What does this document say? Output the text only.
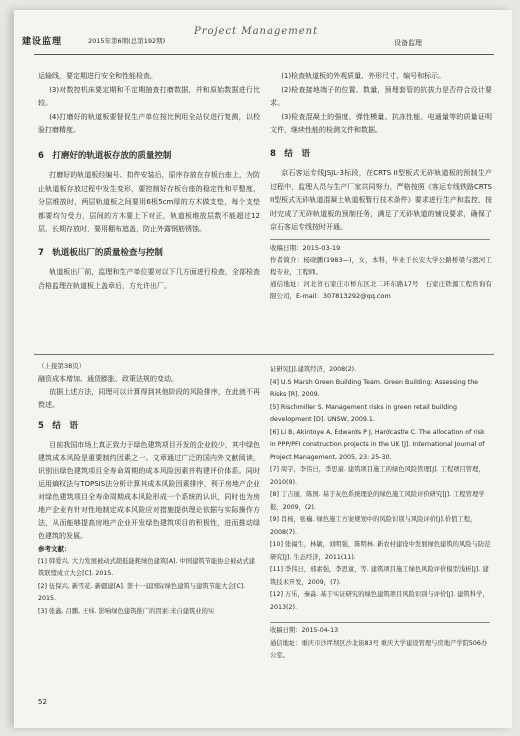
建设监理	2015年第6期(总第192期)
Project Management
设备监理

运输线，要定期进行安全和性能检查。

(3)对数控机床要定期和不定期抽查打磨数据，并和原始数据进行比较。

(4)打磨好的轨道板要督促生产单位按比例用全站仪进行复测，以校验打磨精度。

6　打磨好的轨道板存放的质量控制

打磨好的轨道板经编号、扣件安装后，原序存放在存板台座上，为防止轨道板存放过程中发生变形，要控制好存板台座的稳定性和平整度，分层堆放时，两层轨道板之间要用6根5cm厚的方木做支垫，每个支垫都要均匀受力，层间的方木要上下对正，轨道板堆放层数不能超过12层，长期存放时，要用棚布遮盖，防止外露钢筋锈蚀。

7　轨道板出厂的质量检查与控制

轨道板出厂前，监理和生产单位要对以下几方面进行检查，全部检查合格监理在轨道板上盖章后，方允许出厂。

(1)检查轨道板的外观质量、外形尺寸、编号和标示。

(2)检查接地端子的位置、数量，预埋套管的抗拔力是否符合设计要求。

(3)检查混凝土的强度、弹性模量、抗冻性能、电通量等的质量证明文件，继续性能的检测文件和数据。

8　结　语

京石客运专线JSJL-3标段，在CRTS II型板式无砟轨道板的预制生产过程中，监理人员与生产厂家共同努力，严格按照《客运专线铁路CRTS II型板式无砟轨道混凝土轨道板暂行技术条件》要求进行生产和监控，按时完成了无砟轨道板的预制任务，满足了无砟轨道的铺设要求，确保了京石客运专线按时开通。

收稿日期：2015-03-19

作者简介：杨晓鹏(1983—)，女，本科，毕业于长安大学公路桥梁与渡河工程专业，工程师。

通信地址：河北省石家庄市桥东区北二环东路17号　石家庄铁源工程咨询有限公司，E-mail：307813292@qq.com

（上接第38页）

融资成本增加、通货膨胀、政策法规的变动。

依据上述方法，同理可以计算得到其他阶段的风险排序，在此就不再赘述。

5　结　语

目前我国市场上真正致力于绿色建筑项目开发的企业较少，其中绿色建筑成本风险是重要制约因素之一。文章通过广泛的国内外文献阅读，识别出绿色建筑项目全寿命周期的成本风险因素并构建评价体系。同时运用熵权法与TOPSIS法分析计算其成本风险因素排序，利于房地产企业对绿色建筑项目全寿命周期成本风险形成一个系统的认识，同时也为房地产企业有针对性地制定成本风险应对措施提供理论依据与实际操作方法，从而能够提高房地产企业开发绿色建筑项目的积极性，进而推动绿色建筑的发展。

参考文献：
[1] 韩爱兴. 大力发展被动式超低能耗绿色建筑[A]. 中国建筑节能协会被动式建筑联盟成立大会[C]. 2015.
[2] 伍保兴, 新雪花. 新疆建[A]. 第十一届国际绿色建筑与建筑节能大会[C]. 2015.
[3] 张鑫, 吕鹏, 王炜. 影响绿色建筑推广的因素:来自建筑业的实
证研究[J].建筑经济，2008(2).
[4] U.S Marsh Green Building Team. Green Building: Assessing the Risks [R]. 2009.
[5] Rischmiller S. Management risks in green retail building development [D]. UNSW, 2009.1.
[6] Li B, Akintoye A, Edwards P J, Hardcastle C. The allocation of risk in PPP/PFI construction projects in the UK [J]. International Journal of Project Management, 2005, 23: 25-30.
[7] 周宇，李伟日，李思童. 建筑项目施工的绿色风险管理[J]. 工程项目管理，2010(9).
[8] 丁吉丽，陈国. 基于灰色系统理论的绿色施工风险评价研究[J]. 工程管理学报，2009，(2).
[9] 肖杨，张巍. 绿色施工方案规划中的风险识别与风险评价[J].价值工程，2008(7).
[10] 张福生，林敏，刘明强，陈明林. 新农村建设中发展绿色建筑的风险与防范研究[J]. 生态经济，2011(11).
[11] 李伟日，邢素强，李思童，等. 建筑项目施工绿色风险评价模型浅析[J]. 建筑技术开发，2009，(7).
[12] 万乐，秦淼. 基于实证研究的绿色建筑项目风险识别与评价[J]. 建筑科学，2013(2).
收稿日期：2015-04-13
通信地址：重庆市沙坪坝区沙北街83号 重庆大学建设管理与房地产学院506办公室。
52
